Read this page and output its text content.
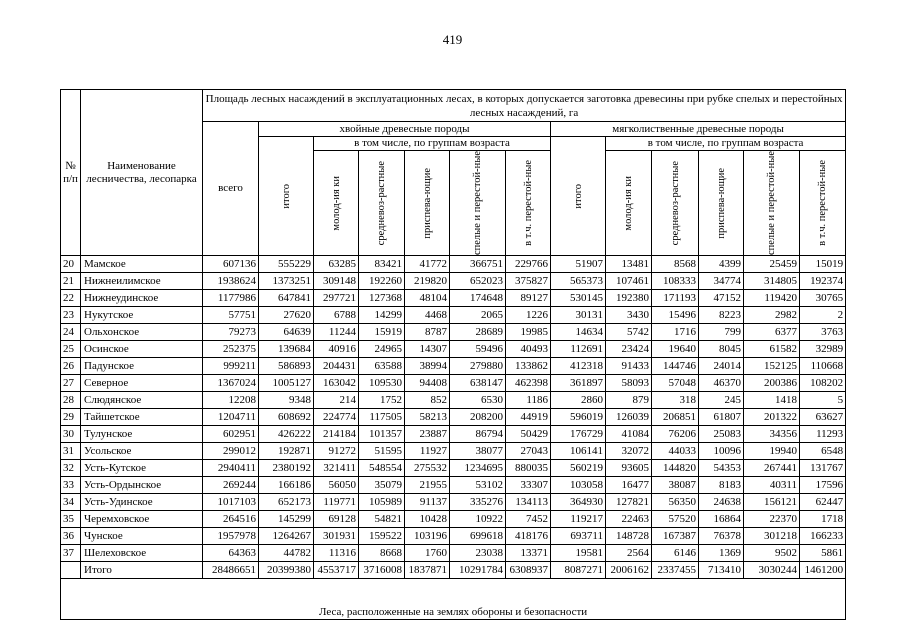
419
№ п/п	Наименование лесничества, лесопарка	Площадь лесных насаждений в эксплуатационных лесах, в которых допускается заготовка древесины при рубке спелых и перестойных лесных насаждений, га												
		всего	хвойные древесные породы						мягколиственные древесные породы					

			итого	в том числе, по группам возраста					итого	в том числе, по группам возраста				

				молод-ия ки	средневоз-растные	приспева-ющие	спелые и перестой-ные	в т.ч. перестой-ные		молод-ия ки	средневоз-растные	приспева-ющие	спелые и перестой-ные	в т.ч. перестой-ные

20	Мамское	607136	555229	63285	83421	41772	366751	229766	51907	13481	8568	4399	25459	15019
21	Нижнеилимское	1938624	1373251	309148	192260	219820	652023	375827	565373	107461	108333	34774	314805	192374
22	Нижнеудинское	1177986	647841	297721	127368	48104	174648	89127	530145	192380	171193	47152	119420	30765
23	Нукутское	57751	27620	6788	14299	4468	2065	1226	30131	3430	15496	8223	2982	2
24	Ольхонское	79273	64639	11244	15919	8787	28689	19985	14634	5742	1716	799	6377	3763
25	Осинское	252375	139684	40916	24965	14307	59496	40493	112691	23424	19640	8045	61582	32989
26	Падунское	999211	586893	204431	63588	38994	279880	133862	412318	91433	144746	24014	152125	110668
27	Северное	1367024	1005127	163042	109530	94408	638147	462398	361897	58093	57048	46370	200386	108202
28	Слюдянское	12208	9348	214	1752	852	6530	1186	2860	879	318	245	1418	5
29	Тайшетское	1204711	608692	224774	117505	58213	208200	44919	596019	126039	206851	61807	201322	63627
30	Тулунское	602951	426222	214184	101357	23887	86794	50429	176729	41084	76206	25083	34356	11293
31	Усольское	299012	192871	91272	51595	11927	38077	27043	106141	32072	44033	10096	19940	6548
32	Усть-Кутское	2940411	2380192	321411	548554	275532	1234695	880035	560219	93605	144820	54353	267441	131767
33	Усть-Ордынское	269244	166186	56050	35079	21955	53102	33307	103058	16477	38087	8183	40311	17596
34	Усть-Удинское	1017103	652173	119771	105989	91137	335276	134113	364930	127821	56350	24638	156121	62447
35	Черемховское	264516	145299	69128	54821	10428	10922	7452	119217	22463	57520	16864	22370	1718
36	Чунское	1957978	1264267	301931	159522	103196	699618	418176	693711	148728	167387	76378	301218	166233
37	Шелеховское	64363	44782	11316	8668	1760	23038	13371	19581	2564	6146	1369	9502	5861
	Итого	28486651	20399380	4553717	3716008	1837871	10291784	6308937	8087271	2006162	2337455	713410	3030244	1461200
Леса, расположенные на землях обороны и безопасности														
